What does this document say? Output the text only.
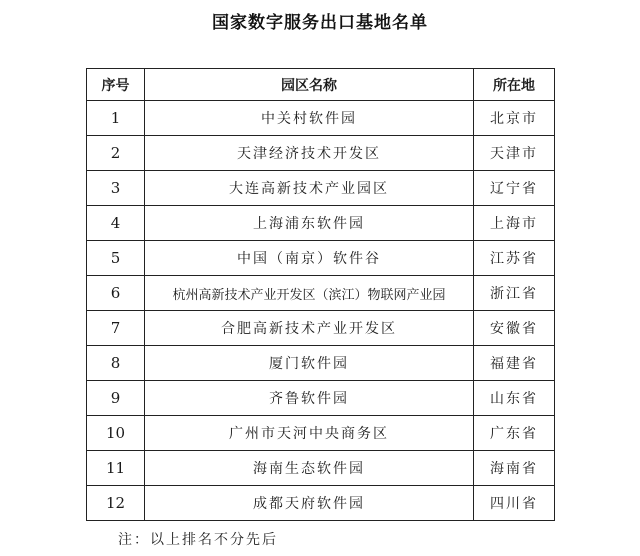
国家数字服务出口基地名单
序号	园区名称	所在地
1	中关村软件园	北京市
2	天津经济技术开发区	天津市
3	大连高新技术产业园区	辽宁省
4	上海浦东软件园	上海市
5	中国（南京）软件谷	江苏省
6	杭州高新技术产业开发区（滨江）物联网产业园	浙江省
7	合肥高新技术产业开发区	安徽省
8	厦门软件园	福建省
9	齐鲁软件园	山东省
10	广州市天河中央商务区	广东省
11	海南生态软件园	海南省
12	成都天府软件园	四川省
注：以上排名不分先后
